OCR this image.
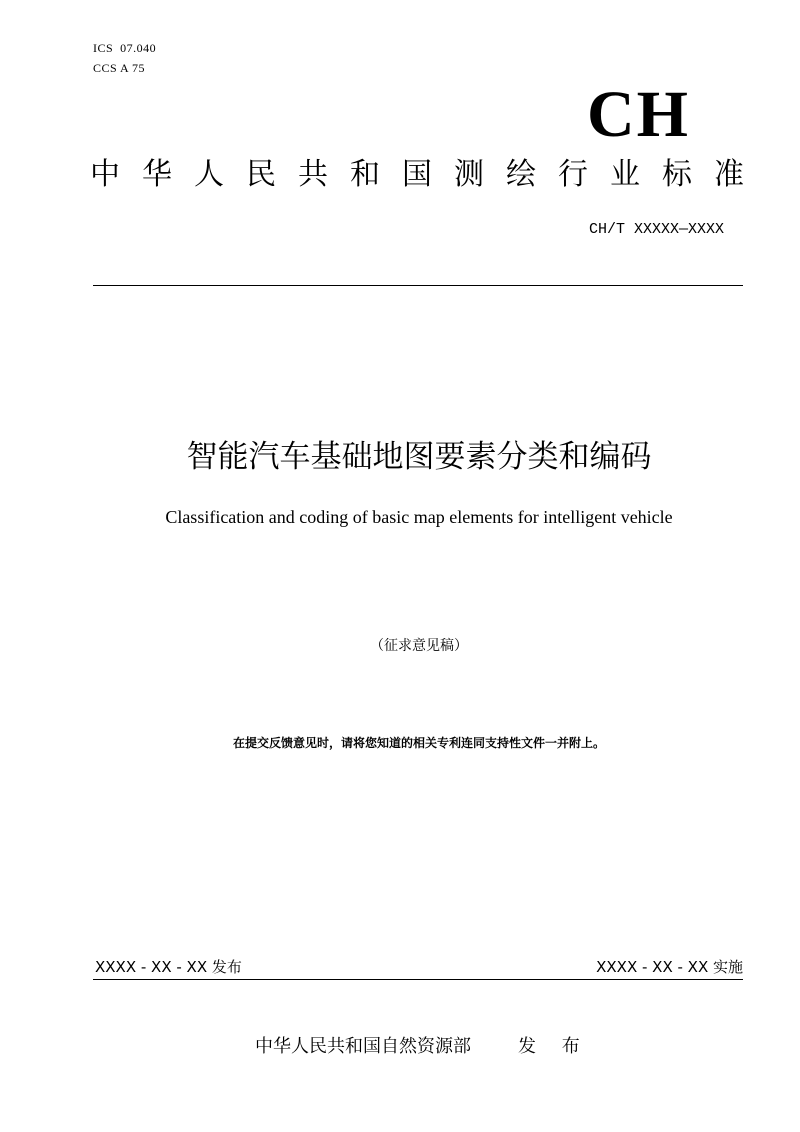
ICS  07.040
CCS A 75
CH
中华人民共和国测绘行业标准
CH/T XXXXX—XXXX
智能汽车基础地图要素分类和编码
Classification and coding of basic map elements for intelligent vehicle
（征求意见稿）
在提交反馈意见时，请将您知道的相关专利连同支持性文件一并附上。
XXXX - XX - XX 发布	XXXX - XX - XX 实施
中华人民共和国自然资源部	发 布
